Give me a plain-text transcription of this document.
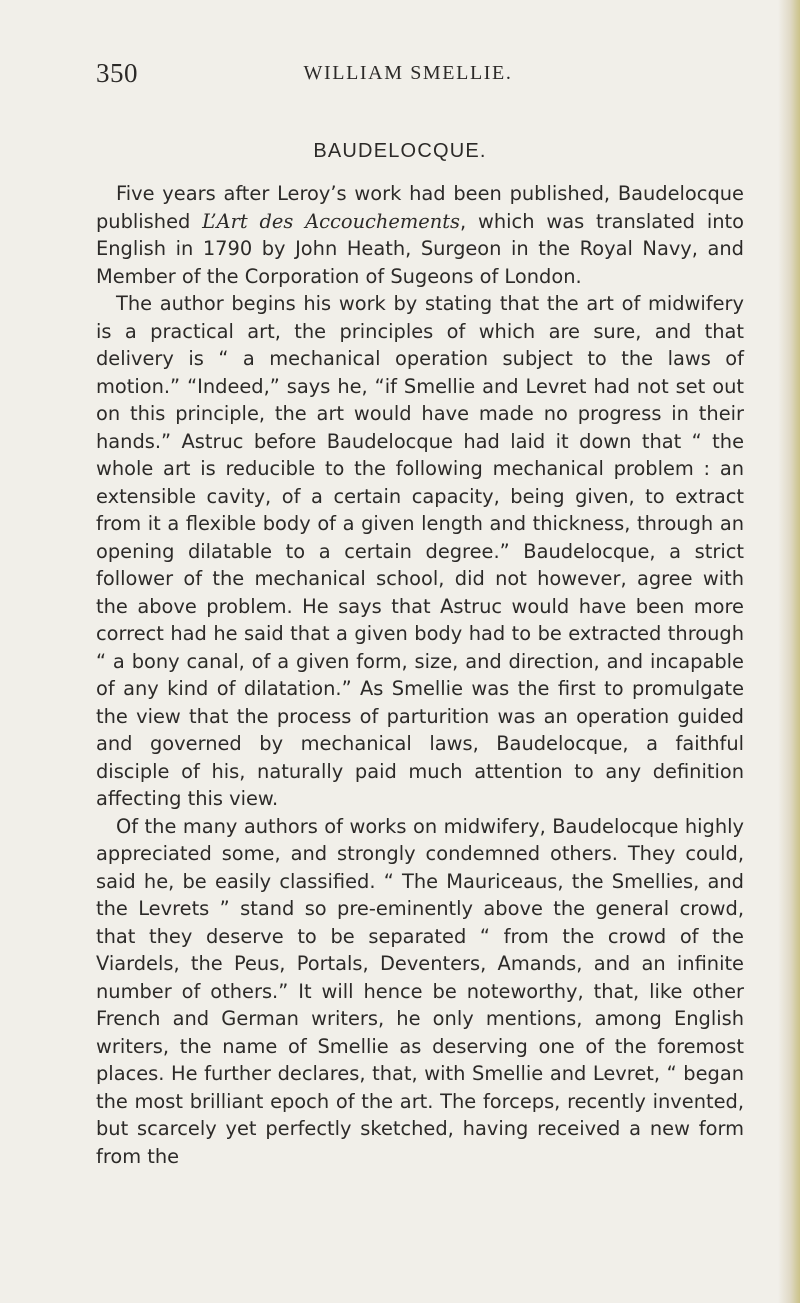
350	WILLIAM SMELLIE.
BAUDELOCQUE.

Five years after Leroy’s work had been published, Baudelocque published L’Art des Accouchements, which was translated into English in 1790 by John Heath, Surgeon in the Royal Navy, and Member of the Corporation of Sugeons of London.

The author begins his work by stating that the art of midwifery is a practical art, the principles of which are sure, and that delivery is “ a mechanical operation subject to the laws of motion.” “Indeed,” says he, “if Smellie and Levret had not set out on this principle, the art would have made no progress in their hands.” Astruc before Baudelocque had laid it down that “ the whole art is reducible to the following mechanical problem : an extensible cavity, of a certain capacity, being given, to extract from it a flexible body of a given length and thickness, through an opening dilatable to a certain degree.” Baudelocque, a strict follower of the mechanical school, did not however, agree with the above problem. He says that Astruc would have been more correct had he said that a given body had to be extracted through “ a bony canal, of a given form, size, and direction, and incapable of any kind of dilatation.” As Smellie was the first to promulgate the view that the process of parturition was an operation guided and governed by mechanical laws, Baudelocque, a faithful disciple of his, naturally paid much attention to any definition affecting this view.

Of the many authors of works on midwifery, Baudelocque highly appreciated some, and strongly condemned others. They could, said he, be easily classified. “ The Mauriceaus, the Smellies, and the Levrets ” stand so pre-eminently above the general crowd, that they deserve to be separated “ from the crowd of the Viardels, the Peus, Portals, Deventers, Amands, and an infinite number of others.” It will hence be noteworthy, that, like other French and German writers, he only mentions, among English writers, the name of Smellie as deserving one of the foremost places. He further declares, that, with Smellie and Levret, “ began the most brilliant epoch of the art. The forceps, recently invented, but scarcely yet perfectly sketched, having received a new form from the
